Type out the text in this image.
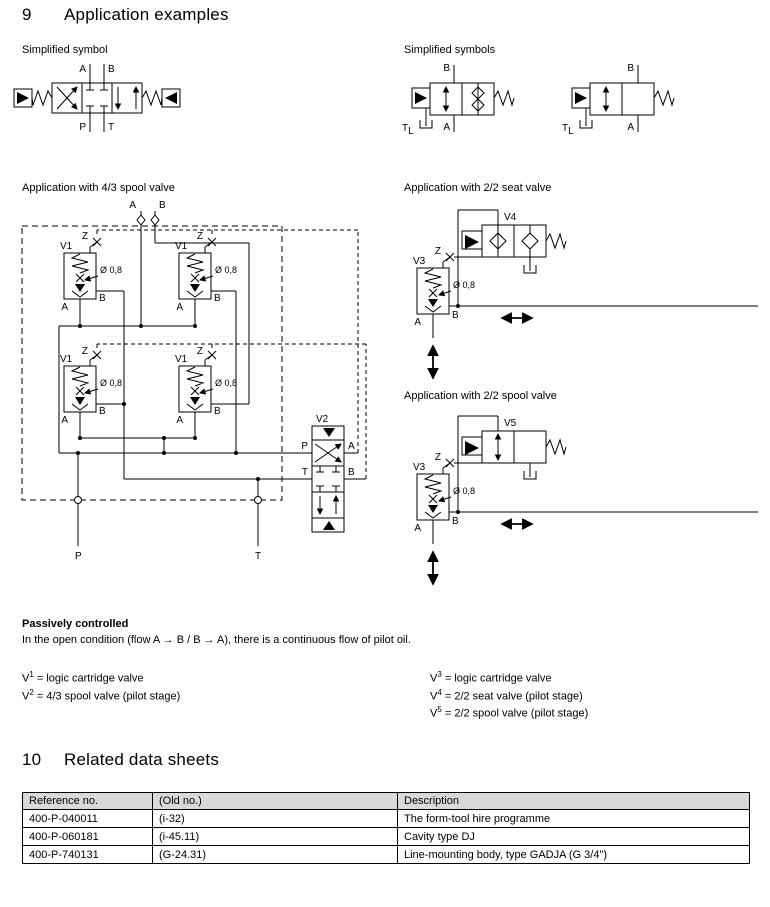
9 Application examples
Simplified symbol	Simplified symbols
A B
P T
B
A
TL
B
A
TL
Application with 4/3 spool valve	Application with 2/2 seat valve
A B
V1
Z
Ø 0,8
B
A
V1
Z
Ø 0,8
B
A
V1
Z
Ø 0,8
B
A
V1
Z
Ø 0,8
B
A	V2
P
T
A
B
P	T
V3
Z
Ø 0,8
B
A
V4
Application with 2/2 spool valve
V3
Z
Ø 0,8
B
A
V5
Passively controlled
In the open condition (flow A → B / B → A), there is a continuous flow of pilot oil.
$V^1$ = logic cartridge valve
$V^2 = 4/3$ spool valve (pilot stage)
$V^3$ = logic cartridge valve
$V^4 = 2/2$ seat valve (pilot stage)
$V^5 = 2/2$ spool valve (pilot stage)
10 Related data sheets
Reference no.	(Old no.)	Description
400-P-040011	(i-32)	The form-tool hire programme
400-P-060181	(i-45.11)	Cavity type DJ
400-P-740131	(G-24.31)	Line-mounting body, type GADJA (G 3/4")
